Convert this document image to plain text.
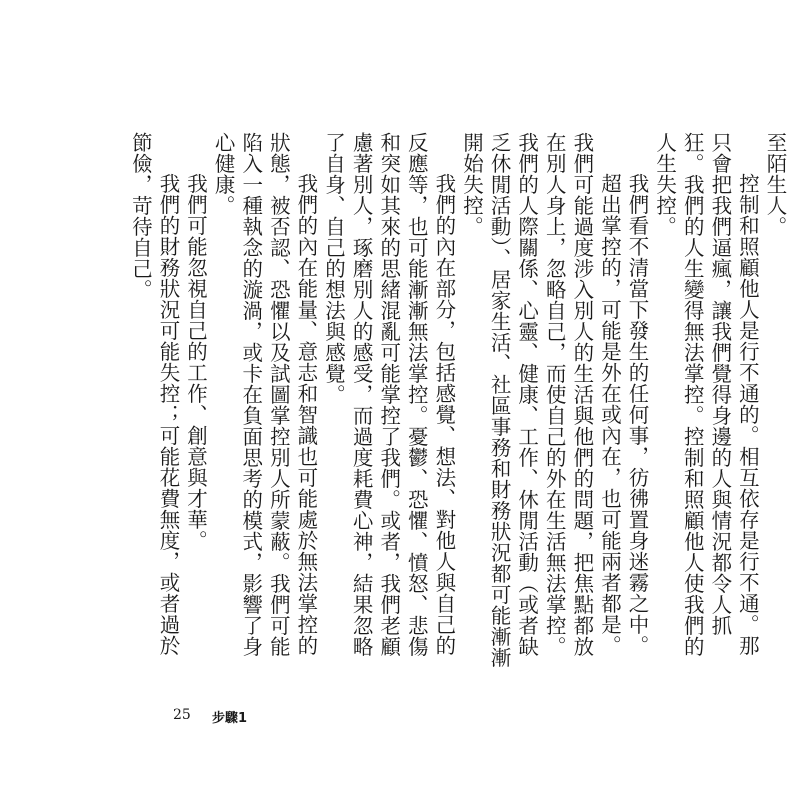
至陌生人。

控制和照顧他人是行不通的。相互依存是行不通。那只會把我們逼瘋，讓我們覺得身邊的人與情況都令人抓狂。我們的人生變得無法掌控。控制和照顧他人使我們的人生失控。

我們看不清當下發生的任何事，彷彿置身迷霧之中。

超出掌控的，可能是外在或內在，也可能兩者都是。我們可能過度涉入別人的生活與他們的問題，把焦點都放在別人身上，忽略自己，而使自己的外在生活無法掌控。我們的人際關係、心靈、健康、工作、休閒活動（或者缺乏休閒活動）、居家生活、社區事務和財務狀況都可能漸漸開始失控。

我們的內在部分，包括感覺、想法、對他人與自己的反應等，也可能漸漸無法掌控。憂鬱、恐懼、憤怒、悲傷和突如其來的思緒混亂可能掌控了我們。或者，我們老顧慮著別人，琢磨別人的感受，而過度耗費心神，結果忽略了自身、自己的想法與感覺。

我們的內在能量、意志和智識也可能處於無法掌控的狀態，被否認、恐懼以及試圖掌控別人所蒙蔽。我們可能陷入一種執念的漩渦，或卡在負面思考的模式，影響了身心健康。

我們可能忽視自己的工作、創意與才華。

我們的財務狀況可能失控；可能花費無度，或者過於節儉，苛待自己。

25 步驟1
